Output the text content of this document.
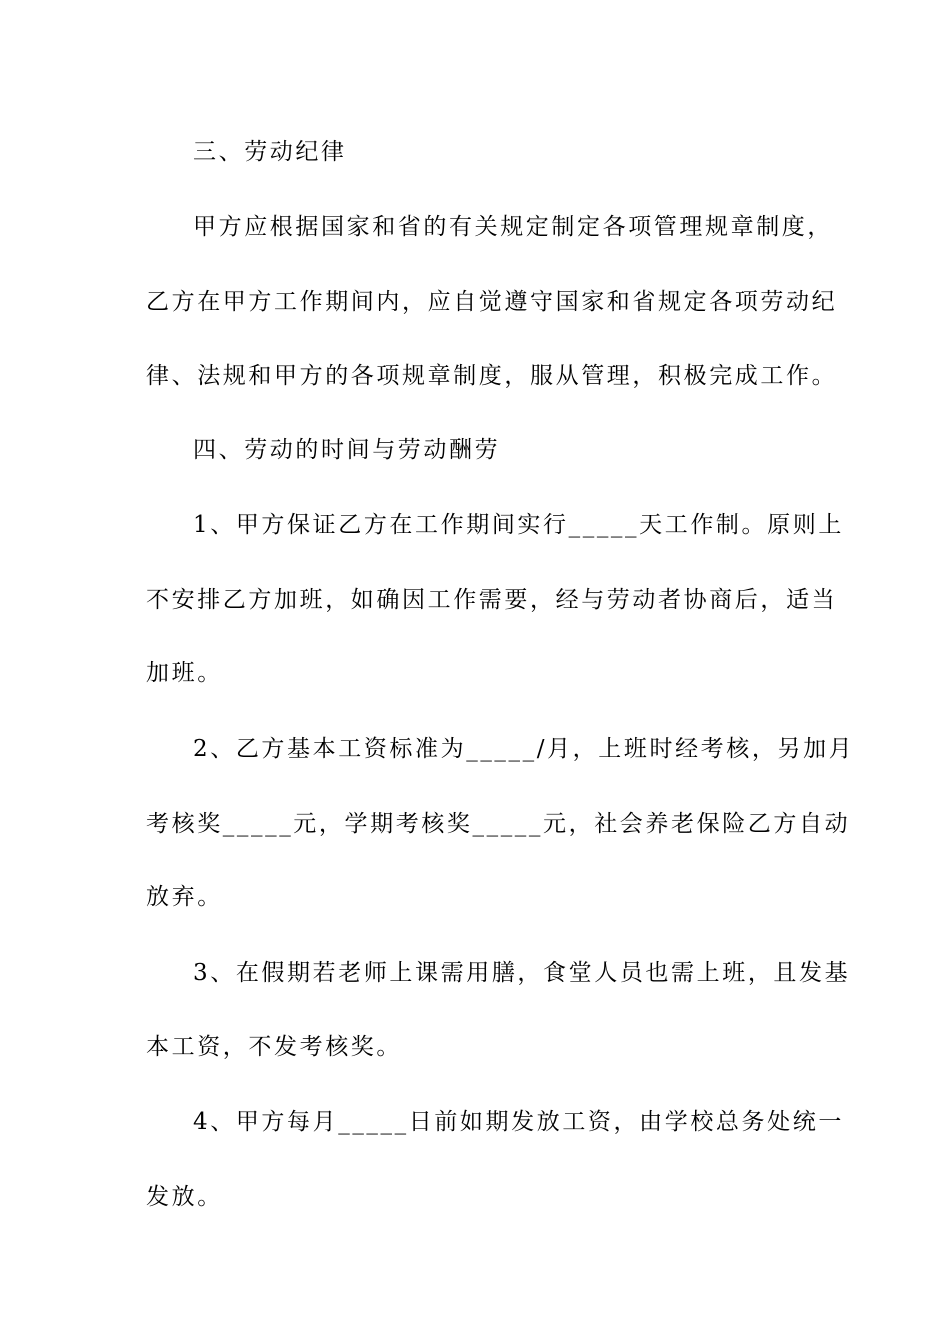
三、劳动纪律
甲方应根据国家和省的有关规定制定各项管理规章制度，
乙方在甲方工作期间内，应自觉遵守国家和省规定各项劳动纪
律、法规和甲方的各项规章制度，服从管理，积极完成工作。
四、劳动的时间与劳动酬劳
1、甲方保证乙方在工作期间实行_____天工作制。原则上
不安排乙方加班，如确因工作需要，经与劳动者协商后，适当
加班。
2、乙方基本工资标准为_____/月，上班时经考核，另加月
考核奖_____元，学期考核奖_____元，社会养老保险乙方自动
放弃。
3、在假期若老师上课需用膳，食堂人员也需上班，且发基
本工资，不发考核奖。
4、甲方每月_____日前如期发放工资，由学校总务处统一
发放。
